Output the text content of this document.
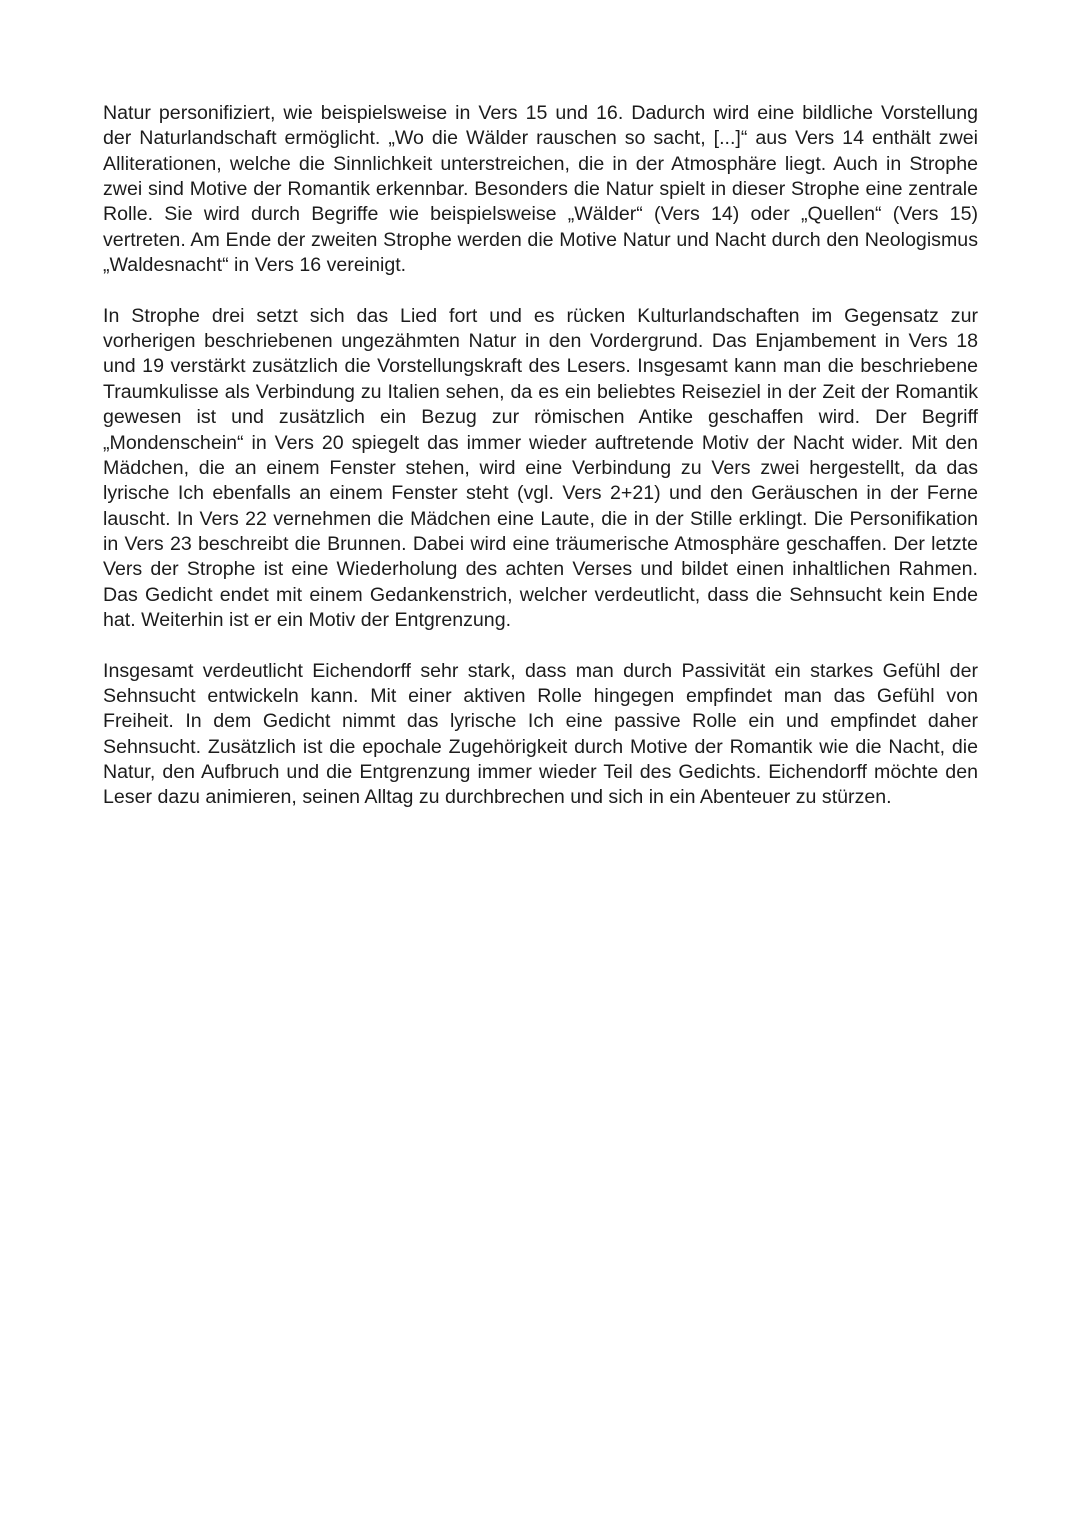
Natur personifiziert, wie beispielsweise in Vers 15 und 16. Dadurch wird eine bildliche Vorstellung der Naturlandschaft ermöglicht. „Wo die Wälder rauschen so sacht, [...]“ aus Vers 14 enthält zwei Alliterationen, welche die Sinnlichkeit unterstreichen, die in der Atmosphäre liegt. Auch in Strophe zwei sind Motive der Romantik erkennbar. Besonders die Natur spielt in dieser Strophe eine zentrale Rolle. Sie wird durch Begriffe wie beispielsweise „Wälder“ (Vers 14) oder „Quellen“ (Vers 15) vertreten. Am Ende der zweiten Strophe werden die Motive Natur und Nacht durch den Neologismus „Waldesnacht“ in Vers 16 vereinigt.

In Strophe drei setzt sich das Lied fort und es rücken Kulturlandschaften im Gegensatz zur vorherigen beschriebenen ungezähmten Natur in den Vordergrund. Das Enjambement in Vers 18 und 19 verstärkt zusätzlich die Vorstellungskraft des Lesers. Insgesamt kann man die beschriebene Traumkulisse als Verbindung zu Italien sehen, da es ein beliebtes Reiseziel in der Zeit der Romantik gewesen ist und zusätzlich ein Bezug zur römischen Antike geschaffen wird. Der Begriff „Mondenschein“ in Vers 20 spiegelt das immer wieder auftretende Motiv der Nacht wider. Mit den Mädchen, die an einem Fenster stehen, wird eine Verbindung zu Vers zwei hergestellt, da das lyrische Ich ebenfalls an einem Fenster steht (vgl. Vers 2+21) und den Geräuschen in der Ferne lauscht. In Vers 22 vernehmen die Mädchen eine Laute, die in der Stille erklingt. Die Personifikation in Vers 23 beschreibt die Brunnen. Dabei wird eine träumerische Atmosphäre geschaffen. Der letzte Vers der Strophe ist eine Wiederholung des achten Verses und bildet einen inhaltlichen Rahmen. Das Gedicht endet mit einem Gedankenstrich, welcher verdeutlicht, dass die Sehnsucht kein Ende hat. Weiterhin ist er ein Motiv der Entgrenzung.

Insgesamt verdeutlicht Eichendorff sehr stark, dass man durch Passivität ein starkes Gefühl der Sehnsucht entwickeln kann. Mit einer aktiven Rolle hingegen empfindet man das Gefühl von Freiheit. In dem Gedicht nimmt das lyrische Ich eine passive Rolle ein und empfindet daher Sehnsucht. Zusätzlich ist die epochale Zugehörigkeit durch Motive der Romantik wie die Nacht, die Natur, den Aufbruch und die Entgrenzung immer wieder Teil des Gedichts. Eichendorff möchte den Leser dazu animieren, seinen Alltag zu durchbrechen und sich in ein Abenteuer zu stürzen.
